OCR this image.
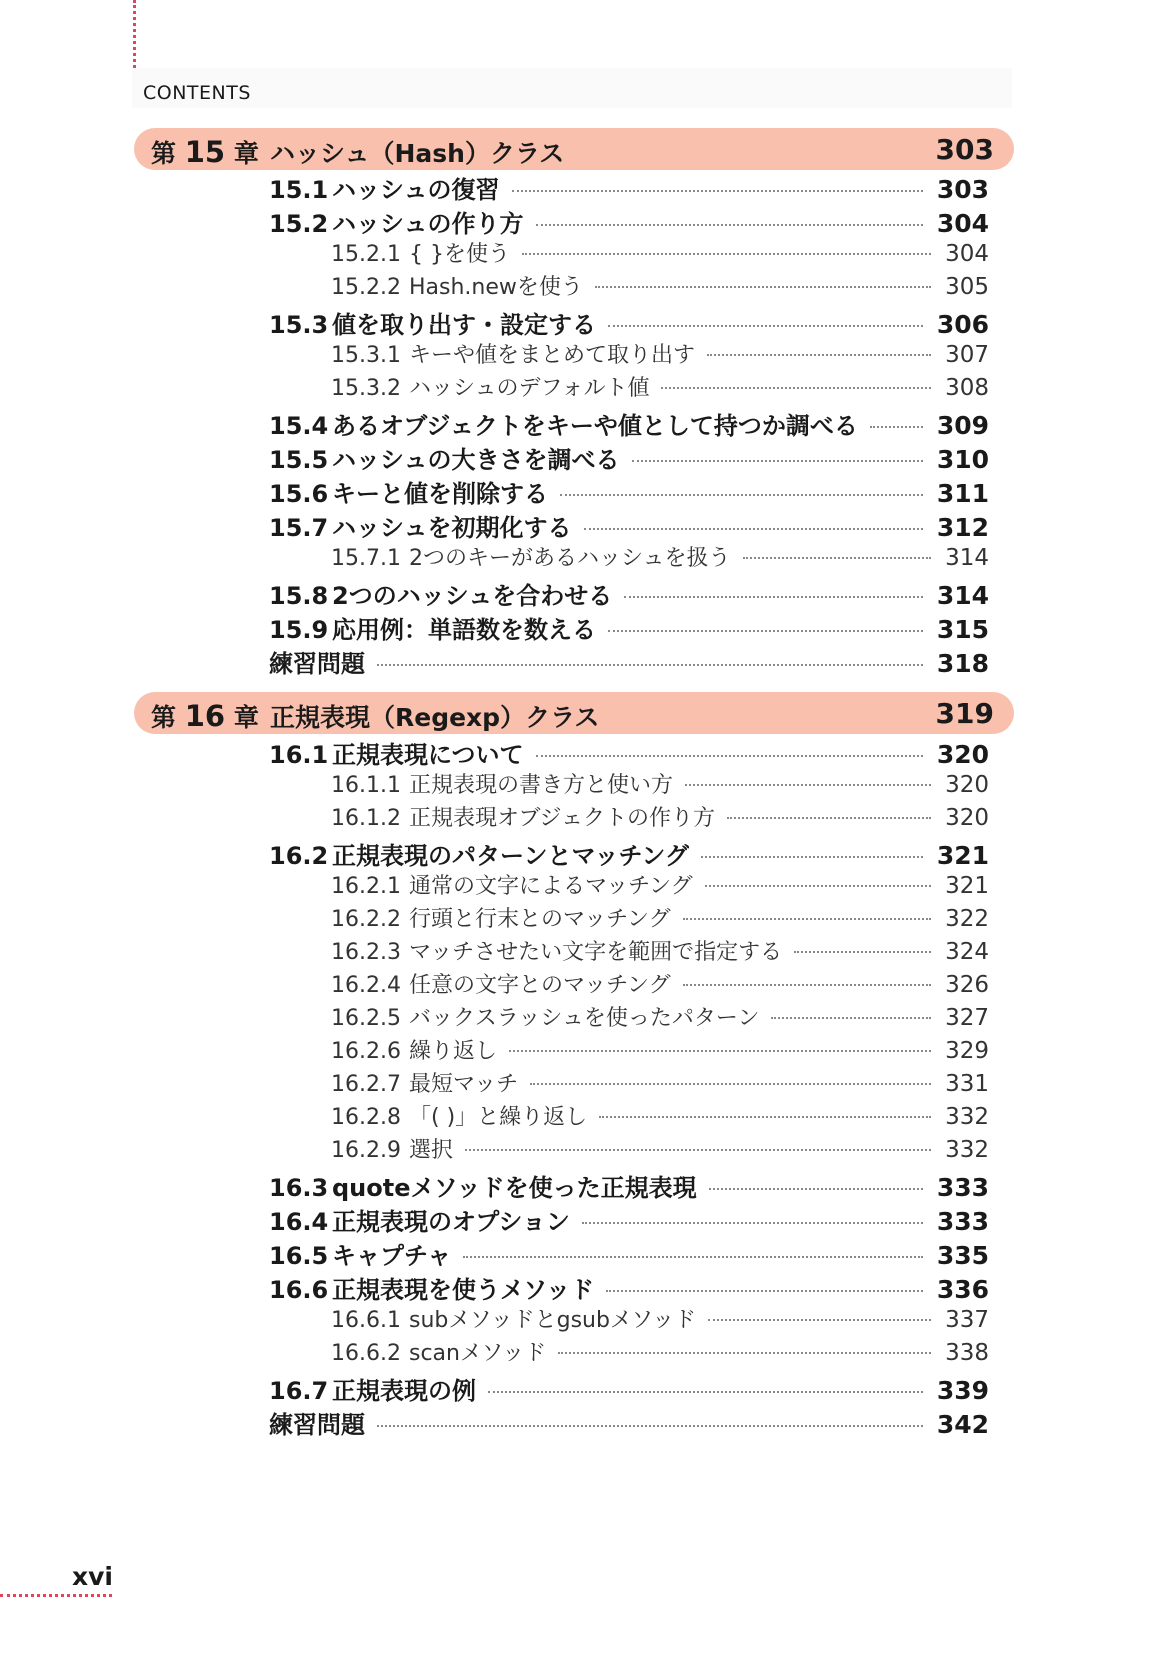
CONTENTS
第 15 章 ハッシュ（Hash）クラス	303
15.1 ハッシュの復習	303
15.2 ハッシュの作り方	304
15.2.1 { }を使う	304
15.2.2 Hash.newを使う	305
15.3 値を取り出す・設定する	306
15.3.1 キーや値をまとめて取り出す	307
15.3.2 ハッシュのデフォルト値	308
15.4 あるオブジェクトをキーや値として持つか調べる	309
15.5 ハッシュの大きさを調べる	310
15.6 キーと値を削除する	311
15.7 ハッシュを初期化する	312
15.7.1 2つのキーがあるハッシュを扱う	314
15.8 2つのハッシュを合わせる	314
15.9 応用例：単語数を数える	315
練習問題	318
第 16 章 正規表現（Regexp）クラス	319
16.1 正規表現について	320
16.1.1 正規表現の書き方と使い方	320
16.1.2 正規表現オブジェクトの作り方	320
16.2 正規表現のパターンとマッチング	321
16.2.1 通常の文字によるマッチング	321
16.2.2 行頭と行末とのマッチング	322
16.2.3 マッチさせたい文字を範囲で指定する	324
16.2.4 任意の文字とのマッチング	326
16.2.5 バックスラッシュを使ったパターン	327
16.2.6 繰り返し	329
16.2.7 最短マッチ	331
16.2.8 「( )」と繰り返し	332
16.2.9 選択	332
16.3 quoteメソッドを使った正規表現	333
16.4 正規表現のオプション	333
16.5 キャプチャ	335
16.6 正規表現を使うメソッド	336
16.6.1 subメソッドとgsubメソッド	337
16.6.2 scanメソッド	338
16.7 正規表現の例	339
練習問題	342
xvi
